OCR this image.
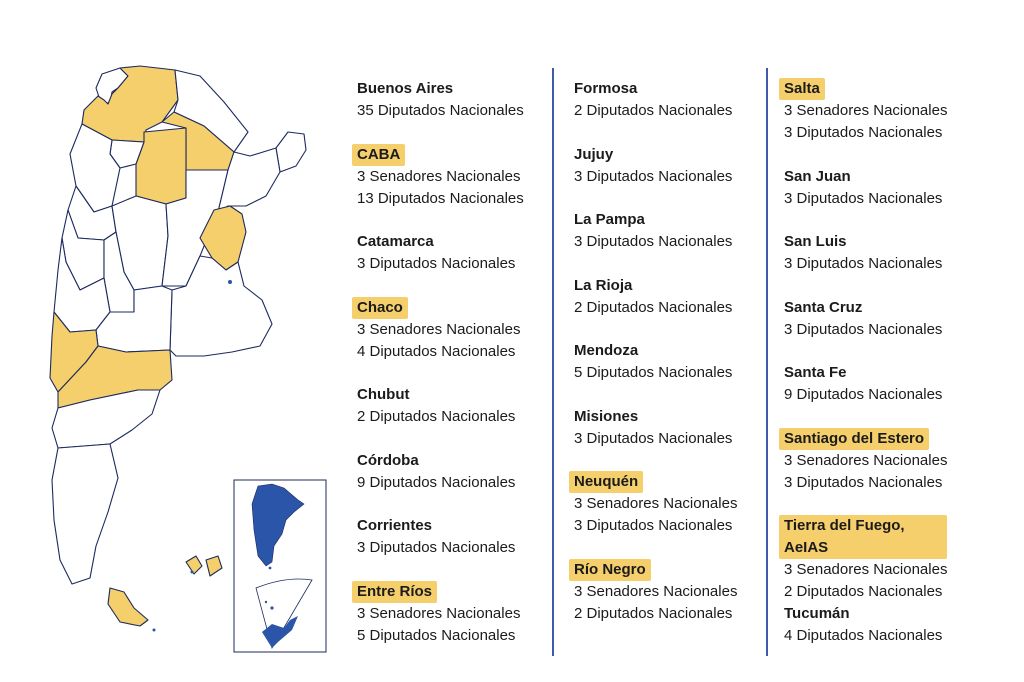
Buenos Aires
35 Diputados Nacionales
CABA
3 Senadores Nacionales
13 Diputados Nacionales
Catamarca
3 Diputados Nacionales
Chaco
3 Senadores Nacionales
4 Diputados Nacionales
Chubut
2 Diputados Nacionales
Córdoba
9 Diputados Nacionales
Corrientes
3 Diputados Nacionales
Entre Ríos
3 Senadores Nacionales
5 Diputados Nacionales
Formosa
2 Diputados Nacionales
Jujuy
3 Diputados Nacionales
La Pampa
3 Diputados Nacionales
La Rioja
2 Diputados Nacionales
Mendoza
5 Diputados Nacionales
Misiones
3 Diputados Nacionales
Neuquén
3 Senadores Nacionales
3 Diputados Nacionales
Río Negro
3 Senadores Nacionales
2 Diputados Nacionales
Salta
3 Senadores Nacionales
3 Diputados Nacionales
San Juan
3 Diputados Nacionales
San Luis
3 Diputados Nacionales
Santa Cruz
3 Diputados Nacionales
Santa Fe
9 Diputados Nacionales
Santiago del Estero
3 Senadores Nacionales
3 Diputados Nacionales
Tierra del Fuego, AeIAS
3 Senadores Nacionales
2 Diputados Nacionales
Tucumán
4 Diputados Nacionales
